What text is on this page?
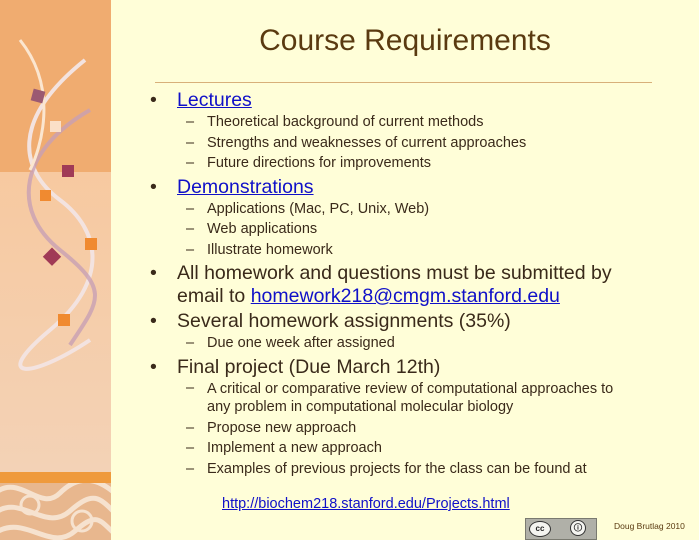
Course Requirements
• Lectures
– Theoretical background of current methods
– Strengths and weaknesses of current approaches
– Future directions for improvements
• Demonstrations
– Applications (Mac, PC, Unix, Web)
– Web applications
– Illustrate homework
• All homework and questions must be submitted by
email to homework218@cmgm.stanford.edu
• Several homework assignments (35%)
– Due one week after assigned
• Final project (Due March 12th)
– A critical or comparative review of computational approaches to
any problem in computational molecular biology
– Propose new approach
– Implement a new approach
– Examples of previous projects for the class can be found at
http://biochem218.stanford.edu/Projects.html
cc	🛈	Doug Brutlag 2010
